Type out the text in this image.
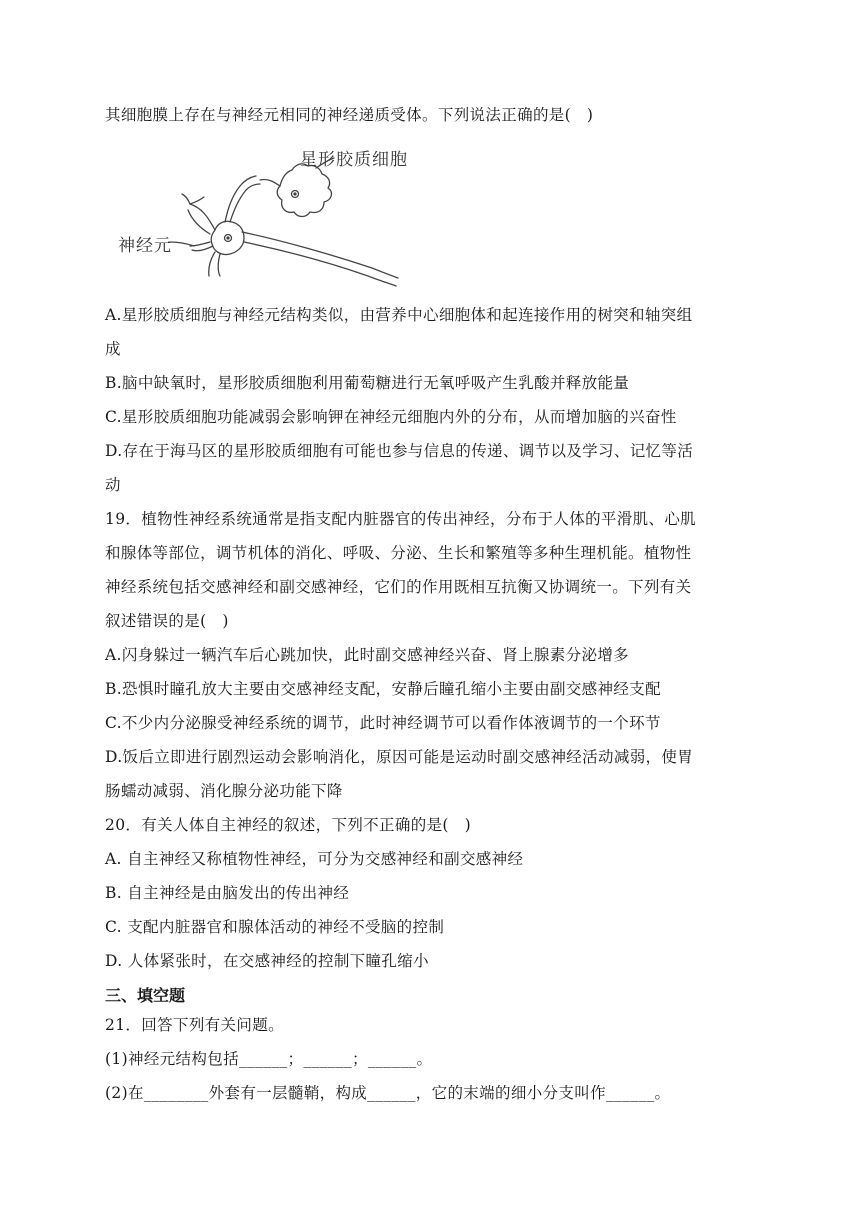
其细胞膜上存在与神经元相同的神经递质受体。下列说法正确的是(　)
星形胶质细胞
神经元
A.星形胶质细胞与神经元结构类似，由营养中心细胞体和起连接作用的树突和轴突组
成
B.脑中缺氧时，星形胶质细胞利用葡萄糖进行无氧呼吸产生乳酸并释放能量
C.星形胶质细胞功能减弱会影响钾在神经元细胞内外的分布，从而增加脑的兴奋性
D.存在于海马区的星形胶质细胞有可能也参与信息的传递、调节以及学习、记忆等活
动
19．植物性神经系统通常是指支配内脏器官的传出神经，分布于人体的平滑肌、心肌
和腺体等部位，调节机体的消化、呼吸、分泌、生长和繁殖等多种生理机能。植物性
神经系统包括交感神经和副交感神经，它们的作用既相互抗衡又协调统一。下列有关
叙述错误的是(　)
A.闪身躲过一辆汽车后心跳加快，此时副交感神经兴奋、肾上腺素分泌增多
B.恐惧时瞳孔放大主要由交感神经支配，安静后瞳孔缩小主要由副交感神经支配
C.不少内分泌腺受神经系统的调节，此时神经调节可以看作体液调节的一个环节
D.饭后立即进行剧烈运动会影响消化，原因可能是运动时副交感神经活动减弱，使胃
肠蠕动减弱、消化腺分泌功能下降
20．有关人体自主神经的叙述，下列不正确的是(　)
A. 自主神经又称植物性神经，可分为交感神经和副交感神经
B. 自主神经是由脑发出的传出神经
C. 支配内脏器官和腺体活动的神经不受脑的控制
D. 人体紧张时，在交感神经的控制下瞳孔缩小
三、填空题
21．回答下列有关问题。
(1)神经元结构包括______；______；______。
(2)在________外套有一层髓鞘，构成______，它的末端的细小分支叫作______。
